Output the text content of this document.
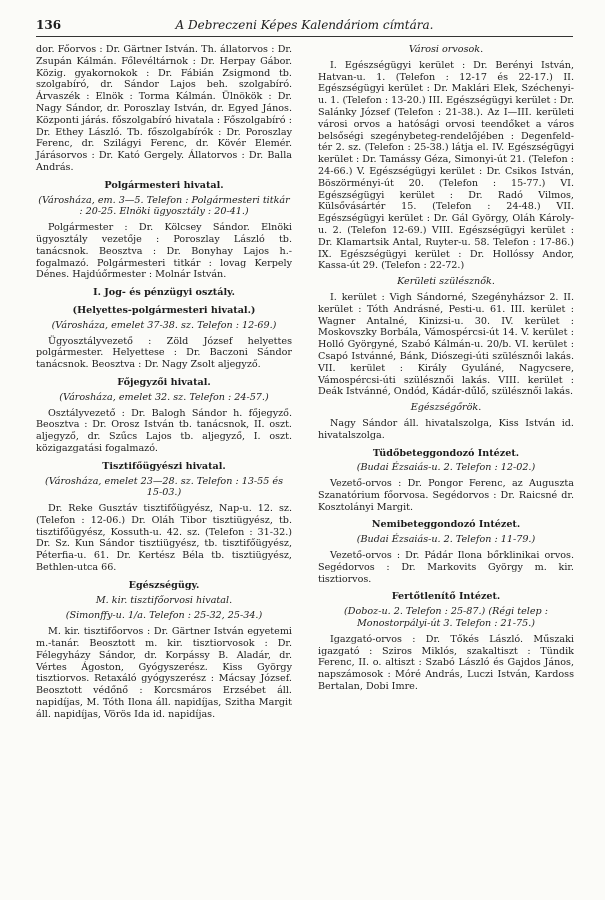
136	A Debreczeni Képes Kalendáriom címtára.

dor. Főorvos : Dr. Gärtner István. Th. állatorvos : Dr. Zsupán Kálmán. Főlevéltárnok : Dr. Herpay Gábor. Közig. gyakornokok : Dr. Fábián Zsigmond tb. szolgabíró, dr. Sándor Lajos beh. szolgabíró. Árvaszék : Elnök : Torma Kálmán. Ülnökök : Dr. Nagy Sándor, dr. Poroszlay István, dr. Egyed János. Központi járás. főszolgabíró hivatala : Főszolgabíró : Dr. Ethey László. Tb. főszolgabírók : Dr. Poroszlay Ferenc, dr. Szilágyi Ferenc, dr. Kövér Elemér. Járásorvos : Dr. Kató Gergely. Állatorvos : Dr. Balla András.

Polgármesteri hivatal.
(Városháza, em. 3—5. Telefon : Polgármesteri titkár : 20-25. Elnöki ügyosztály : 20-41.)

Polgármester : Dr. Kölcsey Sándor. Elnöki ügyosztály vezetője : Poroszlay László tb. tanácsnok. Beosztva : Dr. Bonyhay Lajos h.-fogalmazó. Polgármesteri titkár : lovag Kerpely Dénes. Hajdúőrmester : Molnár István.

I. Jog- és pénzügyi osztály.
(Helyettes-polgármesteri hivatal.)
(Városháza, emelet 37-38. sz. Telefon : 12-69.)

Ügyosztályvezető : Zöld József helyettes polgármester. Helyettese : Dr. Baczoni Sándor tanácsnok. Beosztva : Dr. Nagy Zsolt aljegyző.

Főjegyzői hivatal.
(Városháza, emelet 32. sz. Telefon : 24-57.)

Osztályvezető : Dr. Balogh Sándor h. főjegyző. Beosztva : Dr. Orosz István tb. tanácsnok, II. oszt. aljegyző, dr. Szűcs Lajos tb. aljegyző, I. oszt. közigazgatási fogalmazó.

Tisztifőügyészi hivatal.
(Városháza, emelet 23—28. sz. Telefon : 13-55 és 15-03.)

Dr. Reke Gusztáv tisztifőügyész, Nap-u. 12. sz. (Telefon : 12-06.) Dr. Oláh Tibor tisztiügyész, tb. tisztifőügyész, Kossuth-u. 42. sz. (Telefon : 31-32.) Dr. Sz. Kun Sándor tisztiügyész, tb. tisztifőügyész, Péterfia-u. 61. Dr. Kertész Béla tb. tisztiügyész, Bethlen-utca 66.

Egészségügy.
M. kir. tisztifőorvosi hivatal.
(Simonffy-u. 1/a. Telefon : 25-32, 25-34.)

M. kir. tisztifőorvos : Dr. Gärtner István egyetemi m.-tanár. Beosztott m. kir. tisztiorvosok : Dr. Félegyházy Sándor, dr. Korpássy B. Aladár, dr. Vértes Ágoston, Gyógyszerész. Kiss György tisztiorvos. Retaxáló gyógyszerész : Mácsay József. Beosztott védőnő : Korcsmáros Erzsébet áll. napidíjas, M. Tóth Ilona áll. napidíjas, Szitha Margit áll. napidíjas, Vörös Ida id. napidíjas.

Városi orvosok.

I. Egészségügyi kerület : Dr. Berényi István, Hatvan-u. 1. (Telefon : 12-17 és 22-17.) II. Egészségügyi kerület : Dr. Maklári Elek, Széchenyi-u. 1. (Telefon : 13-20.) III. Egészségügyi kerület : Dr. Salánky József (Telefon : 21-38.). Az I—III. kerületi városi orvos a hatósági orvosi teendőket a város belsőségi szegénybeteg-rendelőjében : Degenfeld-tér 2. sz. (Telefon : 25-38.) látja el. IV. Egészségügyi kerület : Dr. Tamássy Géza, Simonyi-út 21. (Telefon : 24-66.) V. Egészségügyi kerület : Dr. Csikos István, Böszörményi-út 20. (Telefon : 15-77.) VI. Egészségügyi kerület : Dr. Radó Vilmos, Külsővásártér 15. (Telefon : 24-48.) VII. Egészségügyi kerület : Dr. Gál György, Oláh Károly-u. 2. (Telefon 12-69.) VIII. Egészségügyi kerület : Dr. Klamartsik Antal, Ruyter-u. 58. Telefon : 17-86.) IX. Egészségügyi kerület : Dr. Hollóssy Andor, Kassa-út 29. (Telefon : 22-72.)

Kerületi szülésznők.

I. kerület : Vigh Sándorné, Szegényházsor 2. II. kerület : Tóth Andrásné, Pesti-u. 61. III. kerület : Wagner Antalné, Kinizsi-u. 30. IV. kerület : Moskovszky Borbála, Vámospércsi-út 14. V. kerület : Holló Györgyné, Szabó Kálmán-u. 20/b. VI. kerület : Csapó Istvánné, Bánk, Diószegi-úti szülésznői lakás. VII. kerület : Király Gyuláné, Nagycsere, Vámospércsi-úti szülésznői lakás. VIII. kerület : Deák Istvánné, Ondód, Kádár-dűlő, szülésznői lakás.

Egészségőrök.

Nagy Sándor áll. hivatalszolga, Kiss István id. hivatalszolga.

Tüdőbeteggondozó Intézet.
(Budai Ézsaiás-u. 2. Telefon : 12-02.)

Vezető-orvos : Dr. Pongor Ferenc, az Augusztа Szanatórium főorvosa. Segédorvos : Dr. Raicsné dr. Kosztolányi Margit.

Nemibeteggondozó Intézet.
(Budai Ézsaiás-u. 2. Telefon : 11-79.)

Vezető-orvos : Dr. Pádár Ilona bőrklinikai orvos. Segédorvos : Dr. Markovits György m. kir. tisztiorvos.

Fertőtlenítő Intézet.
(Doboz-u. 2. Telefon : 25-87.) (Régi telep : Monostorpályi-út 3. Telefon : 21-75.)

Igazgató-orvos : Dr. Tőkés László. Műszaki igazgató : Sziros Miklós, szakaltiszt : Tündik Ferenc, II. o. altiszt : Szabó László és Gajdos János, napszámosok : Móré András, Luczi István, Kardoss Bertalan, Dobi Imre.
